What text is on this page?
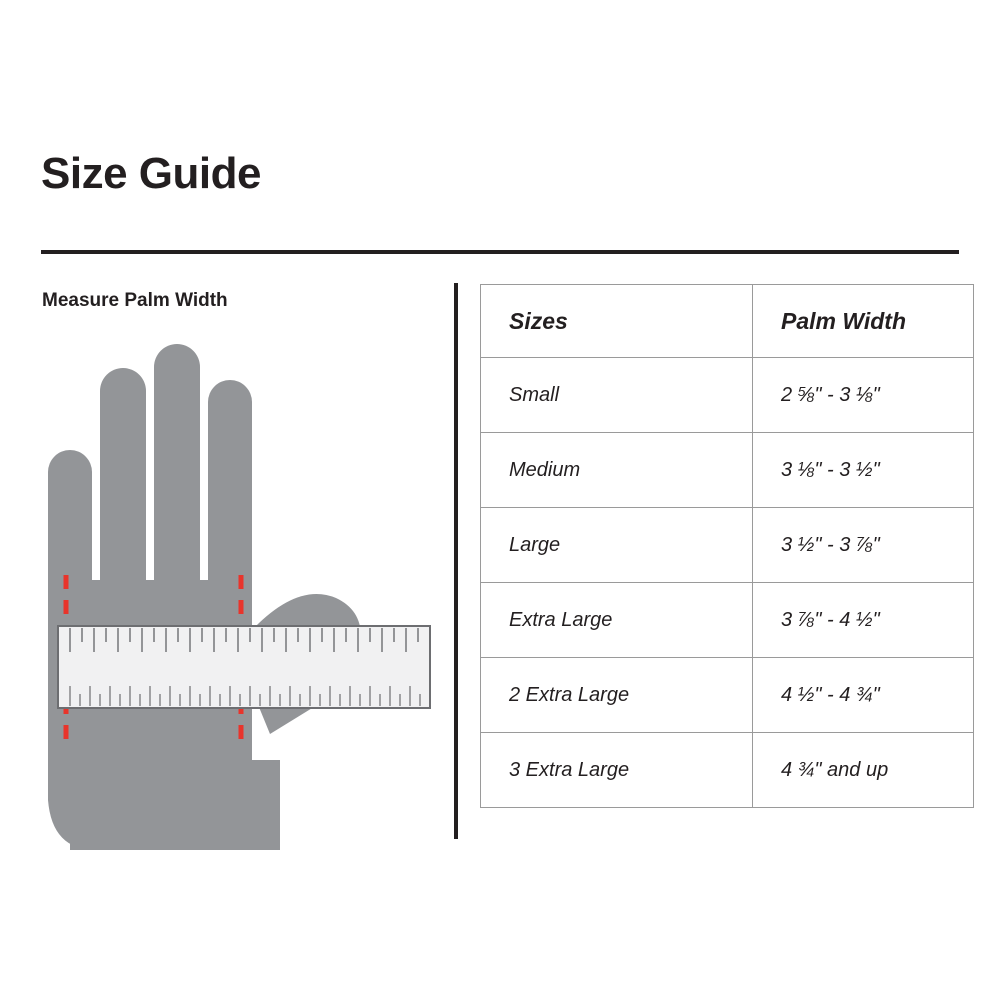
Size Guide
Measure Palm Width
Sizes	Palm Width
Small	2 ⅝" - 3 ⅛"
Medium	3 ⅛" - 3 ½"
Large	3 ½" - 3 ⅞"
Extra Large	3 ⅞" - 4 ½"
2 Extra Large	4 ½" - 4 ¾"
3 Extra Large	4 ¾" and up
